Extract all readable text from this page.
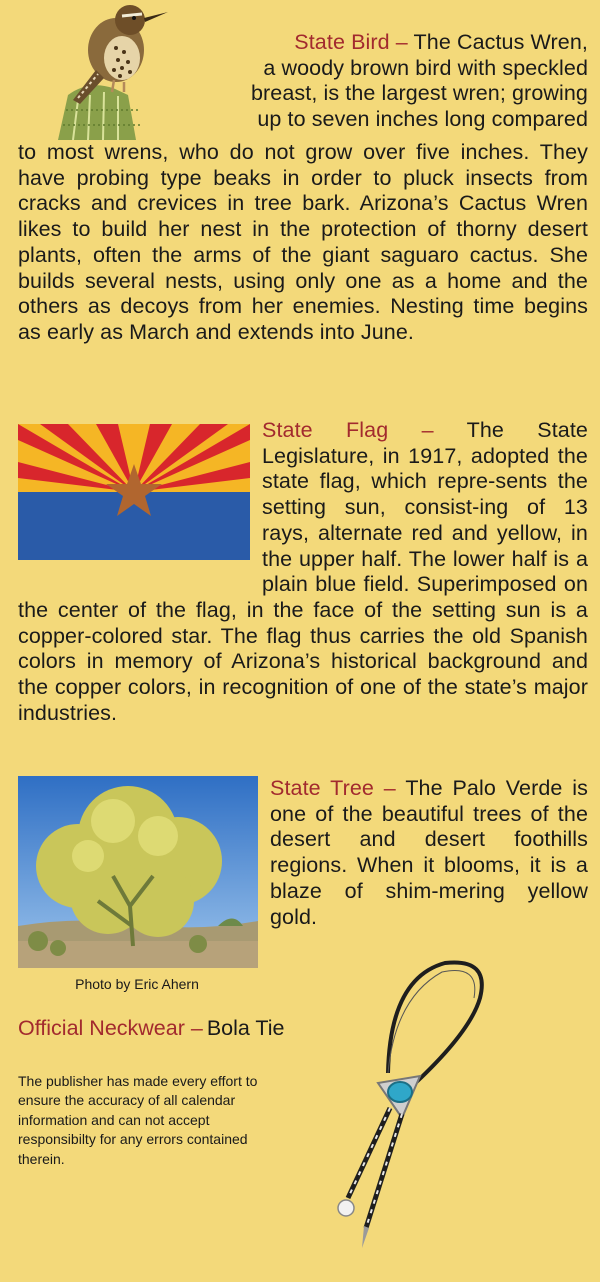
State Bird – The Cactus Wren,
a woody brown bird with speckled
breast, is the largest wren; growing
up to seven inches long compared
to most wrens, who do not grow over five inches. They have probing type beaks in order to pluck insects from cracks and crevices in tree bark. Arizona’s Cactus Wren likes to build her nest in the protection of thorny desert plants, often the arms of the giant saguaro cactus. She builds several nests, using only one as a home and the others as decoys from her enemies. Nesting time begins as early as March and extends into June.
State Flag – The State Legislature, in 1917, adopted the state flag, which repre-sents the setting sun, consist-ing of 13 rays, alternate red and yellow, in the upper half. The lower half is a plain blue field. Superimposed on the center of the flag, in the face of the setting sun is a copper-colored star. The flag thus carries the old Spanish colors in memory of Arizona’s historical background and the copper colors, in recognition of one of the state’s major industries.
Photo by Eric Ahern
State Tree – The Palo Verde is one of the beautiful trees of the desert and desert foothills regions. When it blooms, it is a blaze of shim-mering yellow gold.
Official Neckwear – Bola Tie
The publisher has made every effort to ensure the accuracy of all calendar information and can not accept responsibilty for any errors contained therein.
